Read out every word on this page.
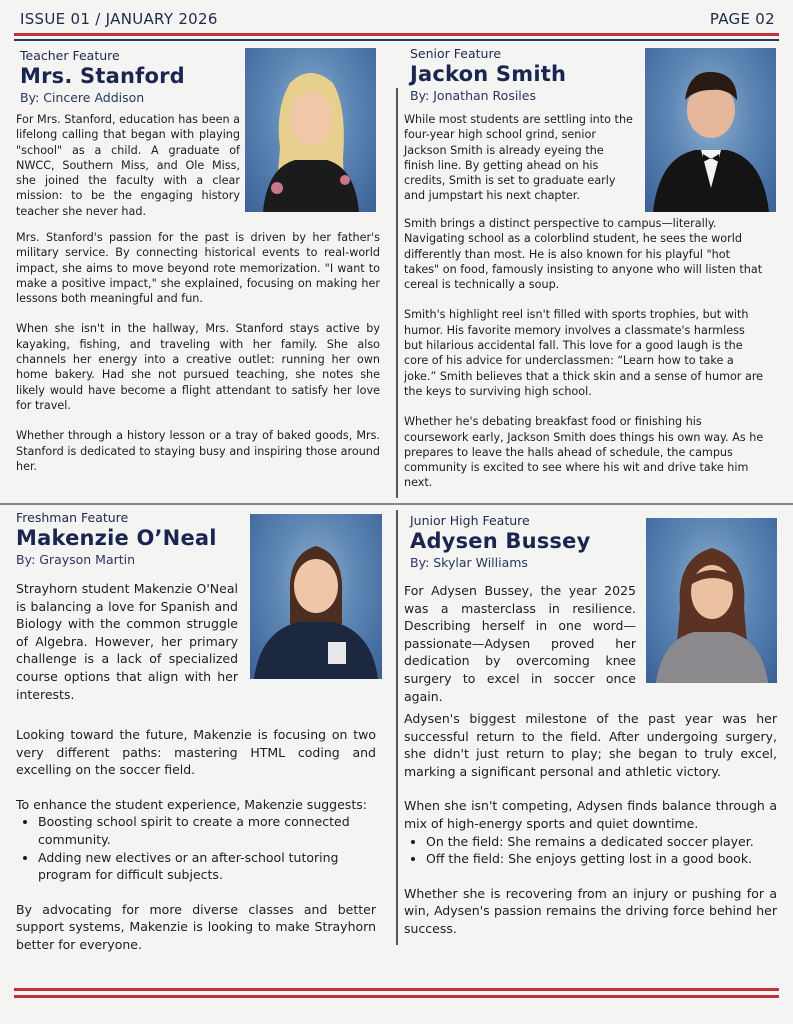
ISSUE 01 / JANUARY 2026	PAGE 02
Teacher Feature
Mrs. Stanford
By: Cincere Addison

For Mrs. Stanford, education has been a lifelong calling that began with playing "school" as a child. A graduate of NWCC, Southern Miss, and Ole Miss, she joined the faculty with a clear mission: to be the engaging history teacher she never had.

Mrs. Stanford's passion for the past is driven by her father's military service. By connecting historical events to real-world impact, she aims to move beyond rote memorization. "I want to make a positive impact," she explained, focusing on making her lessons both meaningful and fun.

When she isn't in the hallway, Mrs. Stanford stays active by kayaking, fishing, and traveling with her family. She also channels her energy into a creative outlet: running her own home bakery. Had she not pursued teaching, she notes she likely would have become a flight attendant to satisfy her love for travel.

Whether through a history lesson or a tray of baked goods, Mrs. Stanford is dedicated to staying busy and inspiring those around her.

Senior Feature
Jackon Smith
By: Jonathan Rosiles

While most students are settling into the four-year high school grind, senior Jackson Smith is already eyeing the finish line. By getting ahead on his credits, Smith is set to graduate early and jumpstart his next chapter.

Smith brings a distinct perspective to campus—literally. Navigating school as a colorblind student, he sees the world differently than most. He is also known for his playful "hot takes" on food, famously insisting to anyone who will listen that cereal is technically a soup.

Smith's highlight reel isn't filled with sports trophies, but with humor. His favorite memory involves a classmate's harmless but hilarious accidental fall. This love for a good laugh is the core of his advice for underclassmen: “Learn how to take a joke.” Smith believes that a thick skin and a sense of humor are the keys to surviving high school.

Whether he's debating breakfast food or finishing his coursework early, Jackson Smith does things his own way. As he prepares to leave the halls ahead of schedule, the campus community is excited to see where his wit and drive take him next.

Freshman Feature
Makenzie O’Neal
By: Grayson Martin

Strayhorn student Makenzie O'Neal is balancing a love for Spanish and Biology with the common struggle of Algebra. However, her primary challenge is a lack of specialized course options that align with her interests.

Looking toward the future, Makenzie is focusing on two very different paths: mastering HTML coding and excelling on the soccer field.

To enhance the student experience, Makenzie suggests:

• Boosting school spirit to create a more connected community.
• Adding new electives or an after-school tutoring program for difficult subjects.

By advocating for more diverse classes and better support systems, Makenzie is looking to make Strayhorn better for everyone.

Junior High Feature
Adysen Bussey
By: Skylar Williams

For Adysen Bussey, the year 2025 was a masterclass in resilience. Describing herself in one word—passionate—Adysen proved her dedication by overcoming knee surgery to excel in soccer once again.

Adysen's biggest milestone of the past year was her successful return to the field. After undergoing surgery, she didn't just return to play; she began to truly excel, marking a significant personal and athletic victory.

When she isn't competing, Adysen finds balance through a mix of high-energy sports and quiet downtime.

• On the field: She remains a dedicated soccer player.
• Off the field: She enjoys getting lost in a good book.

Whether she is recovering from an injury or pushing for a win, Adysen's passion remains the driving force behind her success.
